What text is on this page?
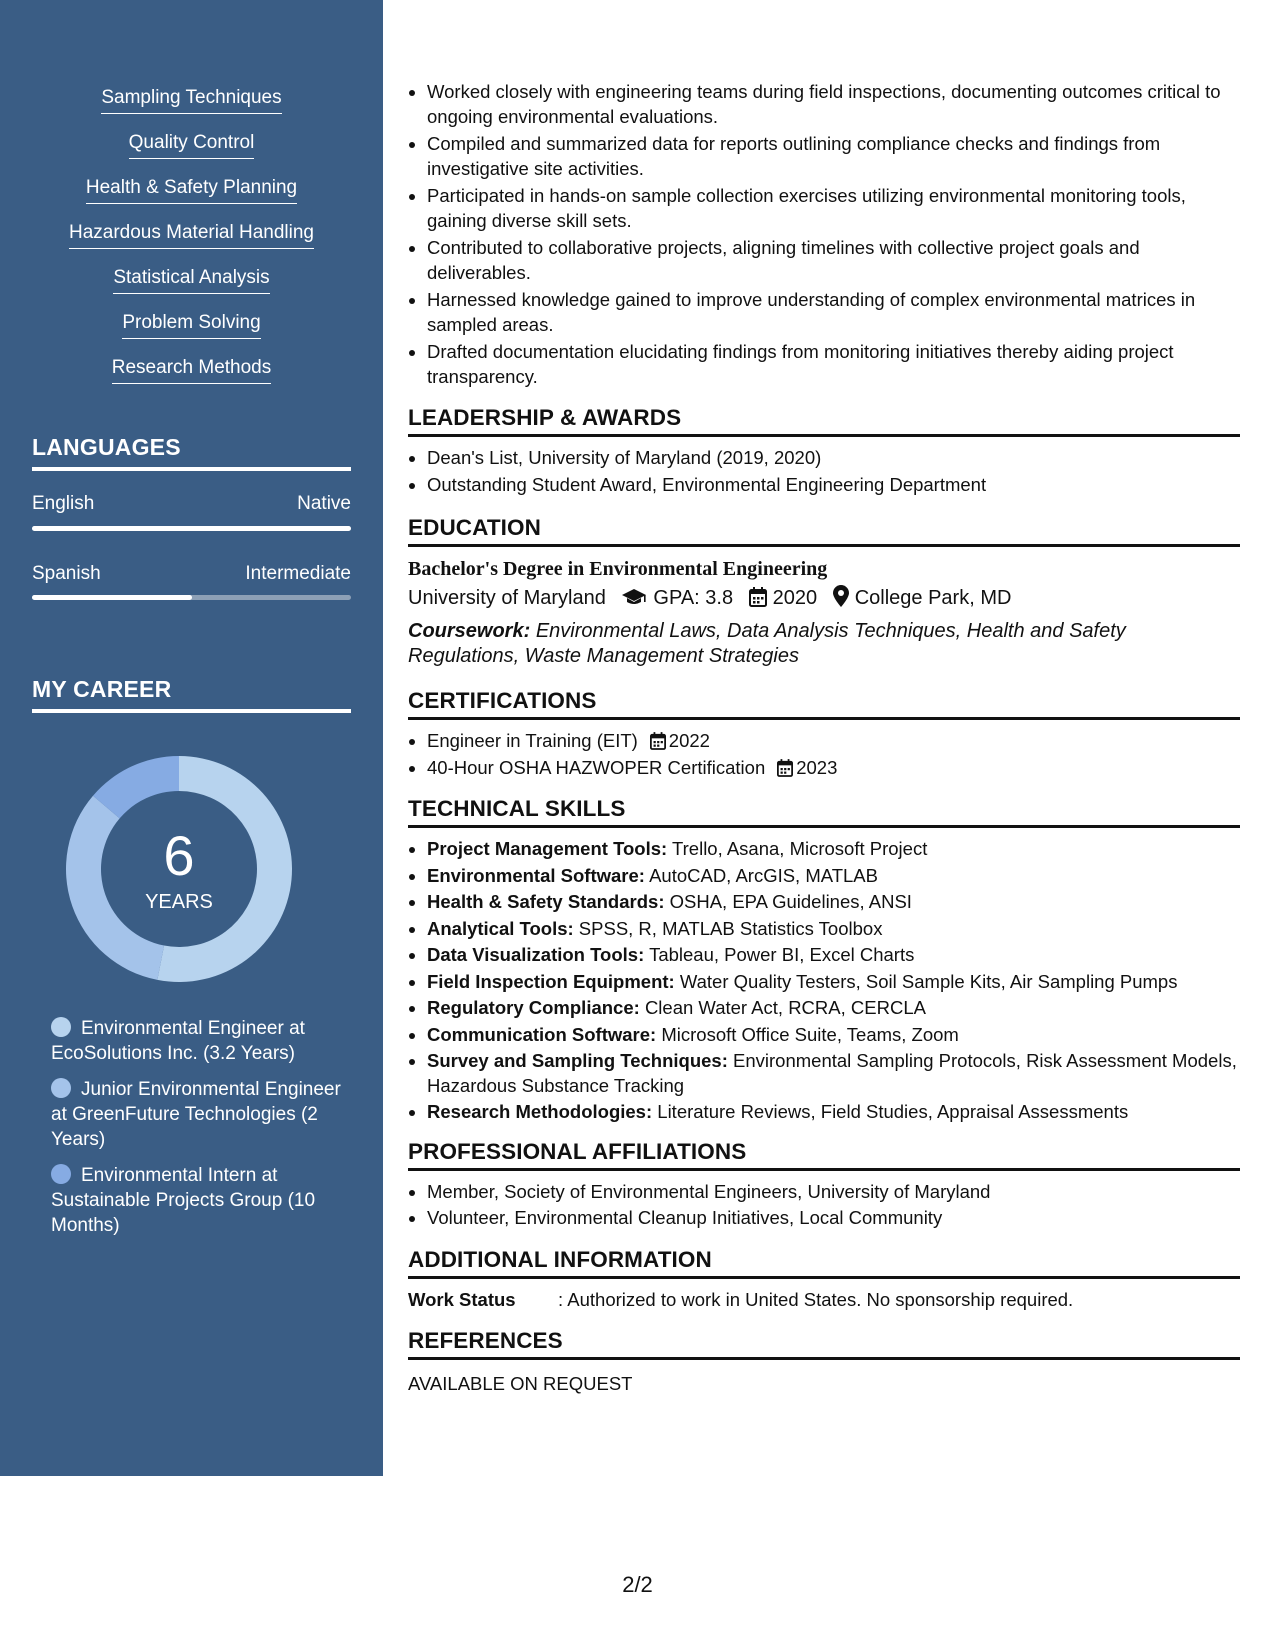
Sampling Techniques
Quality Control
Health & Safety Planning
Hazardous Material Handling
Statistical Analysis
Problem Solving
Research Methods
LANGUAGES
English	Native
Spanish	Intermediate
MY CAREER
6
YEARS
Environmental Engineer at EcoSolutions Inc. (3.2 Years)
Junior Environmental Engineer at GreenFuture Technologies (2 Years)
Environmental Intern at Sustainable Projects Group (10 Months)
Worked closely with engineering teams during field inspections, documenting outcomes critical to ongoing environmental evaluations.
Compiled and summarized data for reports outlining compliance checks and findings from investigative site activities.
Participated in hands-on sample collection exercises utilizing environmental monitoring tools, gaining diverse skill sets.
Contributed to collaborative projects, aligning timelines with collective project goals and deliverables.
Harnessed knowledge gained to improve understanding of complex environmental matrices in sampled areas.
Drafted documentation elucidating findings from monitoring initiatives thereby aiding project transparency.
LEADERSHIP & AWARDS
Dean's List, University of Maryland (2019, 2020)
Outstanding Student Award, Environmental Engineering Department
EDUCATION
Bachelor's Degree in Environmental Engineering
University of Maryland GPA: 3.8 2020 College Park, MD
Coursework: Environmental Laws, Data Analysis Techniques, Health and Safety Regulations, Waste Management Strategies
CERTIFICATIONS
Engineer in Training (EIT) 2022
40-Hour OSHA HAZWOPER Certification 2023
TECHNICAL SKILLS
Project Management Tools: Trello, Asana, Microsoft Project
Environmental Software: AutoCAD, ArcGIS, MATLAB
Health & Safety Standards: OSHA, EPA Guidelines, ANSI
Analytical Tools: SPSS, R, MATLAB Statistics Toolbox
Data Visualization Tools: Tableau, Power BI, Excel Charts
Field Inspection Equipment: Water Quality Testers, Soil Sample Kits, Air Sampling Pumps
Regulatory Compliance: Clean Water Act, RCRA, CERCLA
Communication Software: Microsoft Office Suite, Teams, Zoom
Survey and Sampling Techniques: Environmental Sampling Protocols, Risk Assessment Models, Hazardous Substance Tracking
Research Methodologies: Literature Reviews, Field Studies, Appraisal Assessments
PROFESSIONAL AFFILIATIONS
Member, Society of Environmental Engineers, University of Maryland
Volunteer, Environmental Cleanup Initiatives, Local Community
ADDITIONAL INFORMATION
Work Status : Authorized to work in United States. No sponsorship required.
REFERENCES
AVAILABLE ON REQUEST
2/2
